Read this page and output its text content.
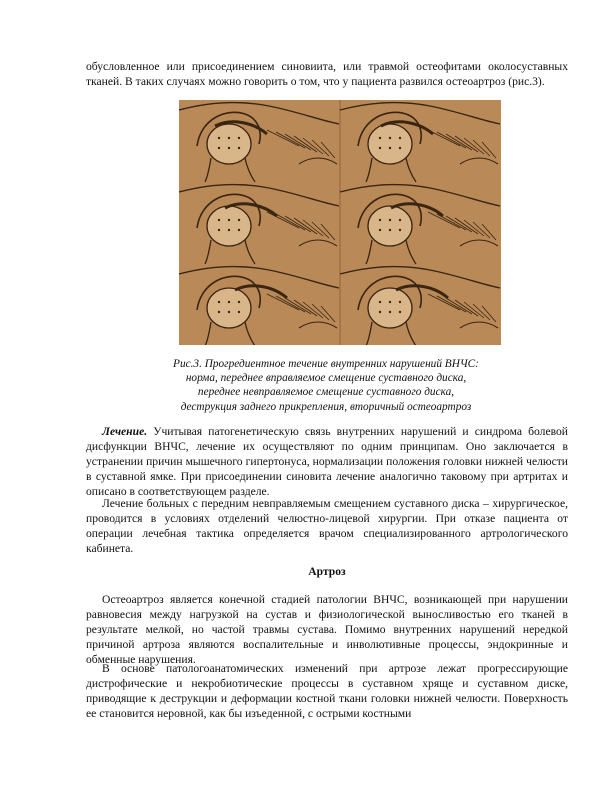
обусловленное или присоединением синовиита, или травмой остеофитами околосуставных тканей. В таких случаях можно говорить о том, что у пациента развился остеоартроз (рис.3).

Рис.3. Прогредиентное течение внутренних нарушений ВНЧС:
норма, переднее вправляемое смещение суставного диска,
переднее невправляемое смещение суставного диска,
деструкция заднего прикрепления, вторичный остеоартроз

Лечение. Учитывая патогенетическую связь внутренних нарушений и синдрома болевой дисфункции ВНЧС, лечение их осуществляют по одним принципам. Оно заключается в устранении причин мышечного гипертонуса, нормализации положения головки нижней челюсти в суставной ямке. При присоединении синовита лечение аналогично таковому при артритах и описано в соответствующем разделе.

Лечение больных с передним невправляемым смещением суставного диска – хирургическое, проводится в условиях отделений челюстно-лицевой хирургии. При отказе пациента от операции лечебная тактика определяется врачом специализированного артрологического кабинета.

Артроз

Остеоартроз является конечной стадией патологии ВНЧС, возникающей при нарушении равновесия между нагрузкой на сустав и физиологической выносливостью его тканей в результате мелкой, но частой травмы сустава. Помимо внутренних нарушений нередкой причиной артроза являются воспалительные и инволютивные процессы, эндокринные и обменные нарушения.

В основе патологоанатомических изменений при артрозе лежат прогрессирующие дистрофические и некробиотические процессы в суставном хряще и суставном диске, приводящие к деструкции и деформации костной ткани головки нижней челюсти. Поверхность ее становится неровной, как бы изъеденной, с острыми костными
